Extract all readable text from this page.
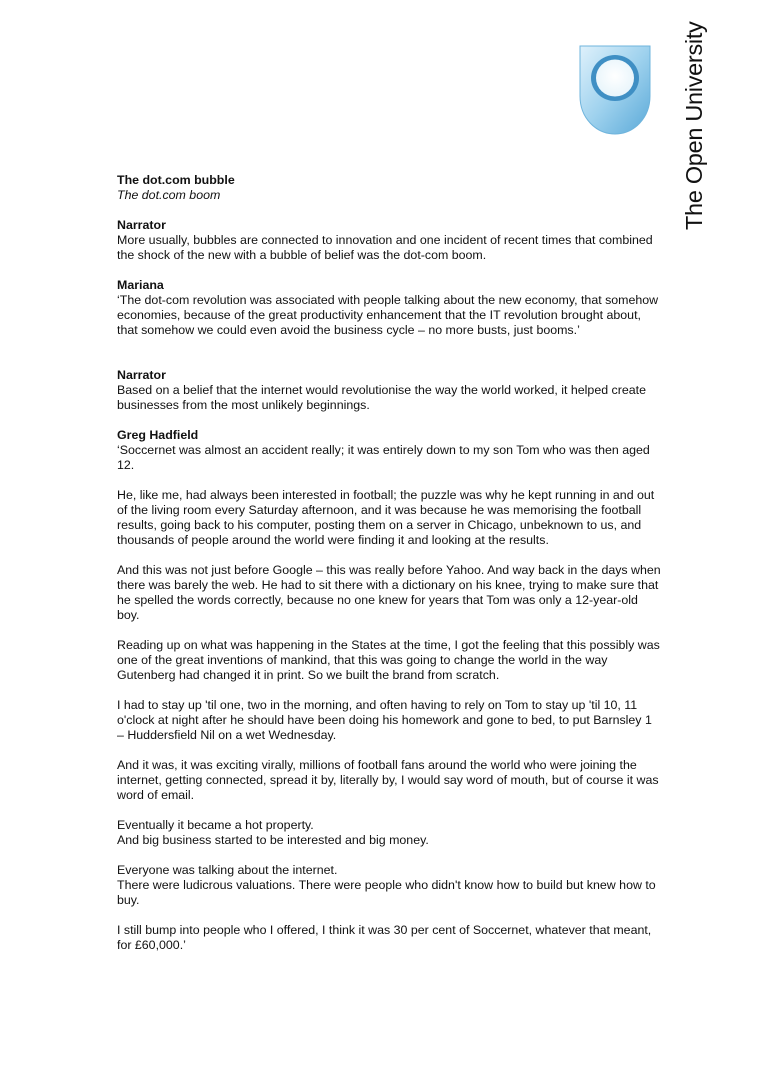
The Open University

The dot.com bubble

The dot.com boom

Narrator

More usually, bubbles are connected to innovation and one incident of recent times that combined the shock of the new with a bubble of belief was the dot-com boom.

Mariana

‘The dot-com revolution was associated with people talking about the new economy, that somehow economies, because of the great productivity enhancement that the IT revolution brought about, that somehow we could even avoid the business cycle – no more busts, just booms.’

Narrator

Based on a belief that the internet would revolutionise the way the world worked, it helped create businesses from the most unlikely beginnings.

Greg Hadfield

‘Soccernet was almost an accident really; it was entirely down to my son Tom who was then aged 12.

He, like me, had always been interested in football; the puzzle was why he kept running in and out of the living room every Saturday afternoon, and it was because he was memorising the football results, going back to his computer, posting them on a server in Chicago, unbeknown to us, and thousands of people around the world were finding it and looking at the results.

And this was not just before Google – this was really before Yahoo. And way back in the days when there was barely the web. He had to sit there with a dictionary on his knee, trying to make sure that he spelled the words correctly, because no one knew for years that Tom was only a 12-year-old boy.

Reading up on what was happening in the States at the time, I got the feeling that this possibly was one of the great inventions of mankind, that this was going to change the world in the way Gutenberg had changed it in print. So we built the brand from scratch.

I had to stay up 'til one, two in the morning, and often having to rely on Tom to stay up 'til 10, 11 o'clock at night after he should have been doing his homework and gone to bed, to put Barnsley 1 – Huddersfield Nil on a wet Wednesday.

And it was, it was exciting virally, millions of football fans around the world who were joining the internet, getting connected, spread it by, literally by, I would say word of mouth, but of course it was word of email.

Eventually it became a hot property.

And big business started to be interested and big money.

Everyone was talking about the internet.

There were ludicrous valuations. There were people who didn't know how to build but knew how to buy.

I still bump into people who I offered, I think it was 30 per cent of Soccernet, whatever that meant, for £60,000.’
